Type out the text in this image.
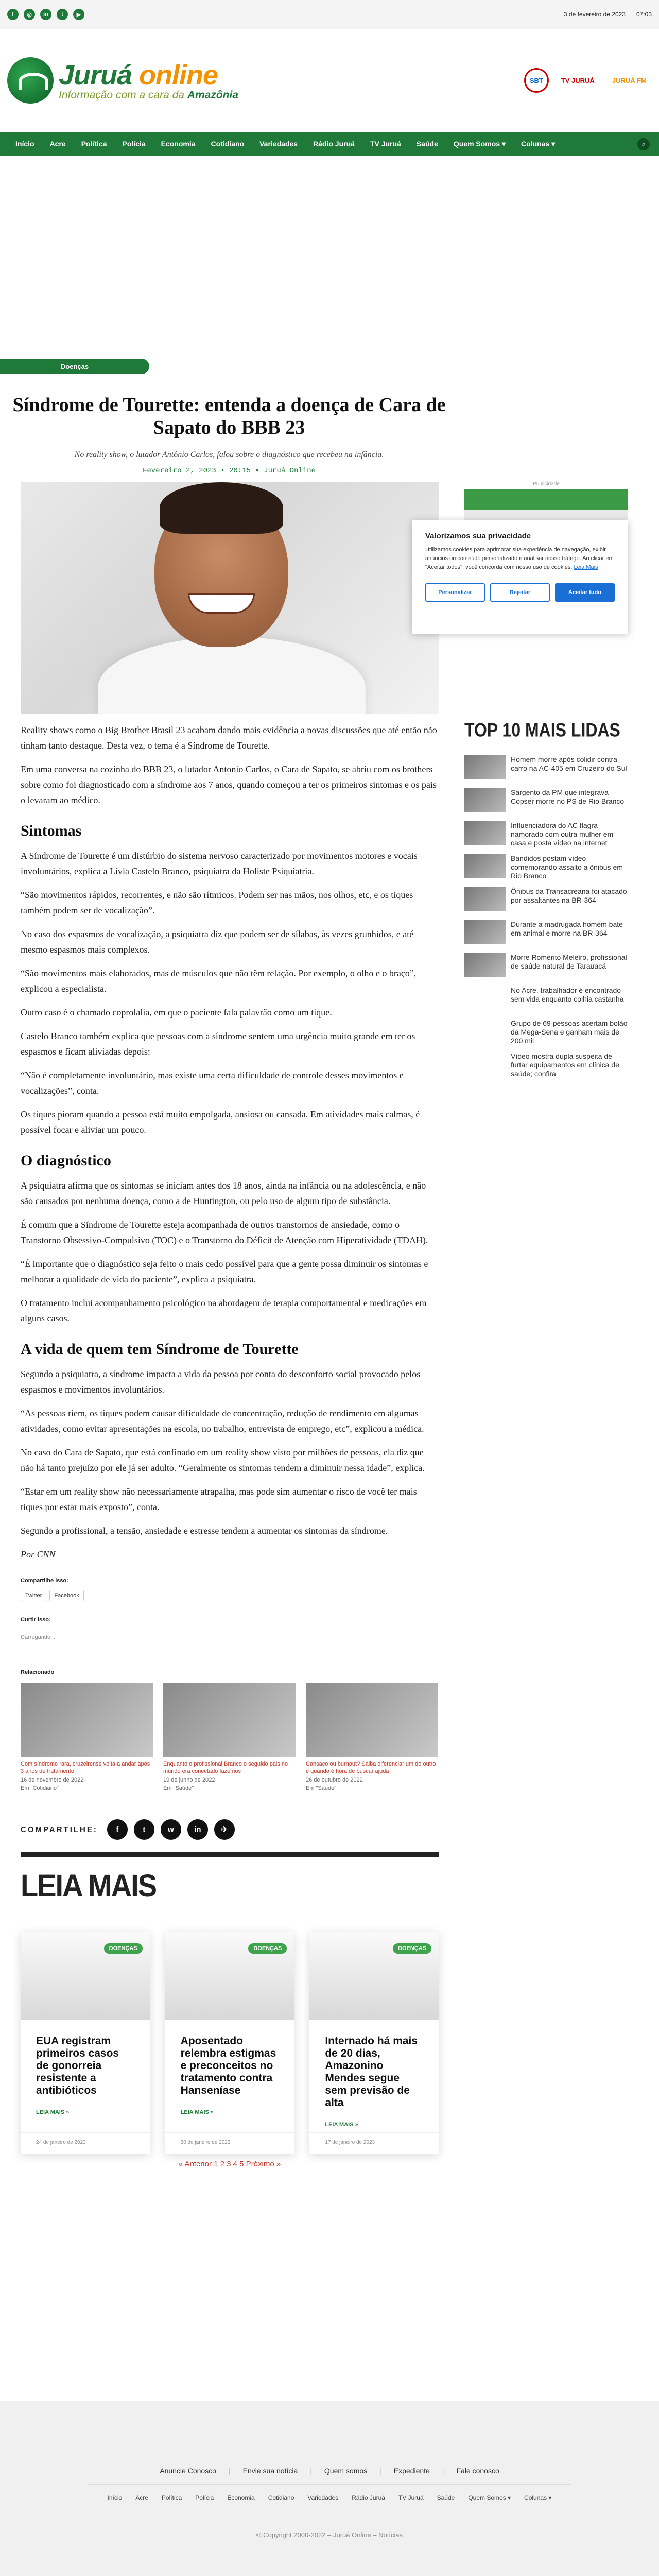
f	◎	in	t	▶	3 de fevereiro de 2023 07:03
Juruá online
Informação com a cara da Amazônia
SBT	TV JURUÁ	JURUÁ FM
Início Acre Política Polícia Economia Cotidiano Variedades Rádio Juruá TV Juruá Saúde Quem Somos ▾ Colunas ▾	⌕
Doenças
Síndrome de Tourette: entenda a doença de Cara de Sapato do BBB 23
No reality show, o lutador Antônio Carlos, falou sobre o diagnóstico que recebeu na infância.
Fevereiro 2, 2023 • 20:15 • Juruá Online

Reality shows como o Big Brother Brasil 23 acabam dando mais evidência a novas discussões que até então não tinham tanto destaque. Desta vez, o tema é a Síndrome de Tourette.

Em uma conversa na cozinha do BBB 23, o lutador Antonio Carlos, o Cara de Sapato, se abriu com os brothers sobre como foi diagnosticado com a síndrome aos 7 anos, quando começou a ter os primeiros sintomas e os pais o levaram ao médico.

Sintomas

A Síndrome de Tourette é um distúrbio do sistema nervoso caracterizado por movimentos motores e vocais involuntários, explica a Lívia Castelo Branco, psiquiatra da Holiste Psiquiatria.

“São movimentos rápidos, recorrentes, e não são rítmicos. Podem ser nas mãos, nos olhos, etc, e os tiques também podem ser de vocalização”.

No caso dos espasmos de vocalização, a psiquiatra diz que podem ser de sílabas, às vezes grunhidos, e até mesmo espasmos mais complexos.

“São movimentos mais elaborados, mas de músculos que não têm relação. Por exemplo, o olho e o braço”, explicou a especialista.

Outro caso é o chamado coprolalia, em que o paciente fala palavrão como um tique.

Castelo Branco também explica que pessoas com a síndrome sentem uma urgência muito grande em ter os espasmos e ficam aliviadas depois:

“Não é completamente involuntário, mas existe uma certa dificuldade de controle desses movimentos e vocalizações”, conta.

Os tiques pioram quando a pessoa está muito empolgada, ansiosa ou cansada. Em atividades mais calmas, é possível focar e aliviar um pouco.

O diagnóstico

A psiquiatra afirma que os sintomas se iniciam antes dos 18 anos, ainda na infância ou na adolescência, e não são causados por nenhuma doença, como a de Huntington, ou pelo uso de algum tipo de substância.

É comum que a Síndrome de Tourette esteja acompanhada de outros transtornos de ansiedade, como o Transtorno Obsessivo-Compulsivo (TOC) e o Transtorno do Déficit de Atenção com Hiperatividade (TDAH).

“É importante que o diagnóstico seja feito o mais cedo possível para que a gente possa diminuir os sintomas e melhorar a qualidade de vida do paciente”, explica a psiquiatra.

O tratamento inclui acompanhamento psicológico na abordagem de terapia comportamental e medicações em alguns casos.

A vida de quem tem Síndrome de Tourette

Segundo a psiquiatra, a síndrome impacta a vida da pessoa por conta do desconforto social provocado pelos espasmos e movimentos involuntários.

“As pessoas riem, os tiques podem causar dificuldade de concentração, redução de rendimento em algumas atividades, como evitar apresentações na escola, no trabalho, entrevista de emprego, etc”, explicou a médica.

No caso do Cara de Sapato, que está confinado em um reality show visto por milhões de pessoas, ela diz que não há tanto prejuízo por ele já ser adulto. “Geralmente os sintomas tendem a diminuir nessa idade”, explica.

“Estar em um reality show não necessariamente atrapalha, mas pode sim aumentar o risco de você ter mais tiques por estar mais exposto”, conta.

Segundo a profissional, a tensão, ansiedade e estresse tendem a aumentar os sintomas da síndrome.

Por CNN

Compartilhe isso:
Twitter	Facebook
Curtir isso:
Carregando...
Relacionado
Com síndrome rara, cruzeirense volta a andar após 3 anos de tratamento
16 de novembro de 2022
Em "Cotidiano"
Enquanto o profissional Branco o seguido pais no mundo era conectado fazemos
19 de junho de 2022
Em "Saúde"
Cansaço ou burnout? Saiba diferenciar um do outro e quando é hora de buscar ajuda
26 de outubro de 2022
Em "Saúde"
COMPARTILHE:	f	t	w	in	✈
LEIA MAIS
DOENÇAS
EUA registram primeiros casos de gonorreia resistente a antibióticos
LEIA MAIS »
24 de janeiro de 2023
DOENÇAS
Aposentado relembra estigmas e preconceitos no tratamento contra Hanseníase
LEIA MAIS »
20 de janeiro de 2023
DOENÇAS
Internado há mais de 20 dias, Amazonino Mendes segue sem previsão de alta
LEIA MAIS »
17 de janeiro de 2023
« Anterior 1 2 3 4 5 Próximo »
Publicidade
TOP 10 MAIS LIDAS
Homem morre após colidir contra carro na AC-405 em Cruzeiro do Sul
Sargento da PM que integrava Copser morre no PS de Rio Branco
Influenciadora do AC flagra namorado com outra mulher em casa e posta vídeo na internet
Bandidos postam vídeo comemorando assalto a ônibus em Rio Branco
Ônibus da Transacreana foi atacado por assaltantes na BR-364
Durante a madrugada homem bate em animal e morre na BR-364
Morre Romerito Meleiro, profissional de saúde natural de Tarauacá
No Acre, trabalhador é encontrado sem vida enquanto colhia castanha
Grupo de 69 pessoas acertam bolão da Mega-Sena e ganham mais de 200 mil
Vídeo mostra dupla suspeita de furtar equipamentos em clínica de saúde; confira
Valorizamos sua privacidade

Utilizamos cookies para aprimorar sua experiência de navegação, exibir anúncios ou conteúdo personalizado e analisar nosso tráfego. Ao clicar em "Aceitar todos", você concorda com nosso uso de cookies. Leia Mais

Personalizar	Rejeitar	Aceitar tudo
Anuncie Conosco | Envie sua notícia | Quem somos | Expediente | Fale conosco
Início Acre Política Polícia Economia Cotidiano Variedades Rádio Juruá TV Juruá Saúde Quem Somos ▾ Colunas ▾
© Copyright 2000-2022 – Juruá Online – Notícias
